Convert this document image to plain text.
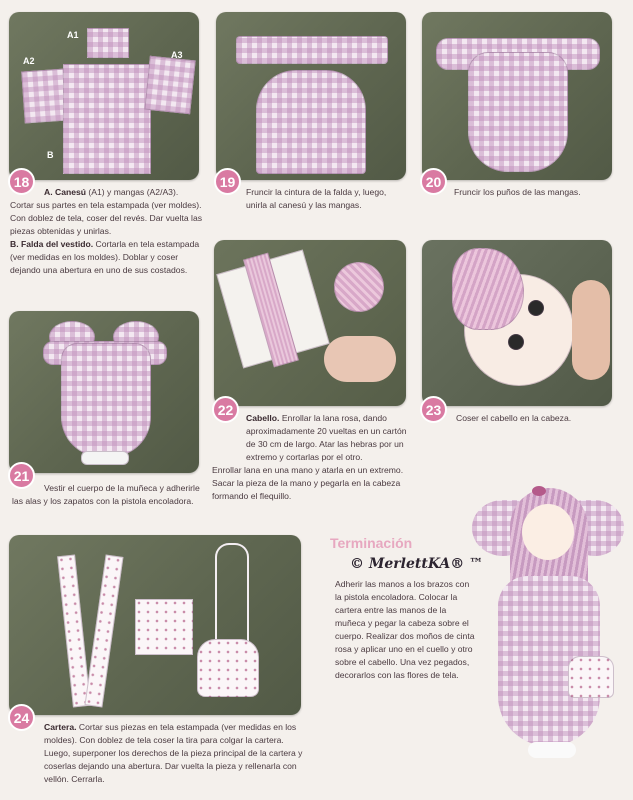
A1
A2
A3
B
18

A. Canesú (A1) y mangas (A2/A3).

Cortar sus partes en tela estampada (ver moldes). Con doblez de tela, coser del revés. Dar vuelta las piezas obtenidas y unirlas.

B. Falda del vestido. Cortarla en tela estampada (ver medidas en los moldes). Doblar y coser dejando una abertura en uno de sus costados.

19
Fruncir la cintura de la falda y, luego, unirla al canesú y las mangas.
20
Fruncir los puños de las mangas.
22

Cabello. Enrollar la lana rosa, dando aproximadamente 20 vueltas en un cartón de 30 cm de largo. Atar las hebras por un extremo y cortarlas por el otro.

Enrollar lana en una mano y atarla en un extremo. Sacar la pieza de la mano y pegarla en la cabeza formando el flequillo.

23
Coser el cabello en la cabeza.
21
Vestir el cuerpo de la muñeca y adherirle las alas y los zapatos con la pistola encoladora.
24

Cartera. Cortar sus piezas en tela estampada (ver medidas en los moldes). Con doblez de tela coser la tira para colgar la cartera. Luego, superponer los derechos de la pieza principal de la cartera y coserlas dejando una abertura. Dar vuelta la pieza y rellenarla con vellón. Cerrarla.

Terminación
© MerlettKA® ™
Adherir las manos a los brazos con la pistola encoladora. Colocar la cartera entre las manos de la muñeca y pegar la cabeza sobre el cuerpo. Realizar dos moños de cinta rosa y aplicar uno en el cuello y otro sobre el cabello. Una vez pegados, decorarlos con las flores de tela.
